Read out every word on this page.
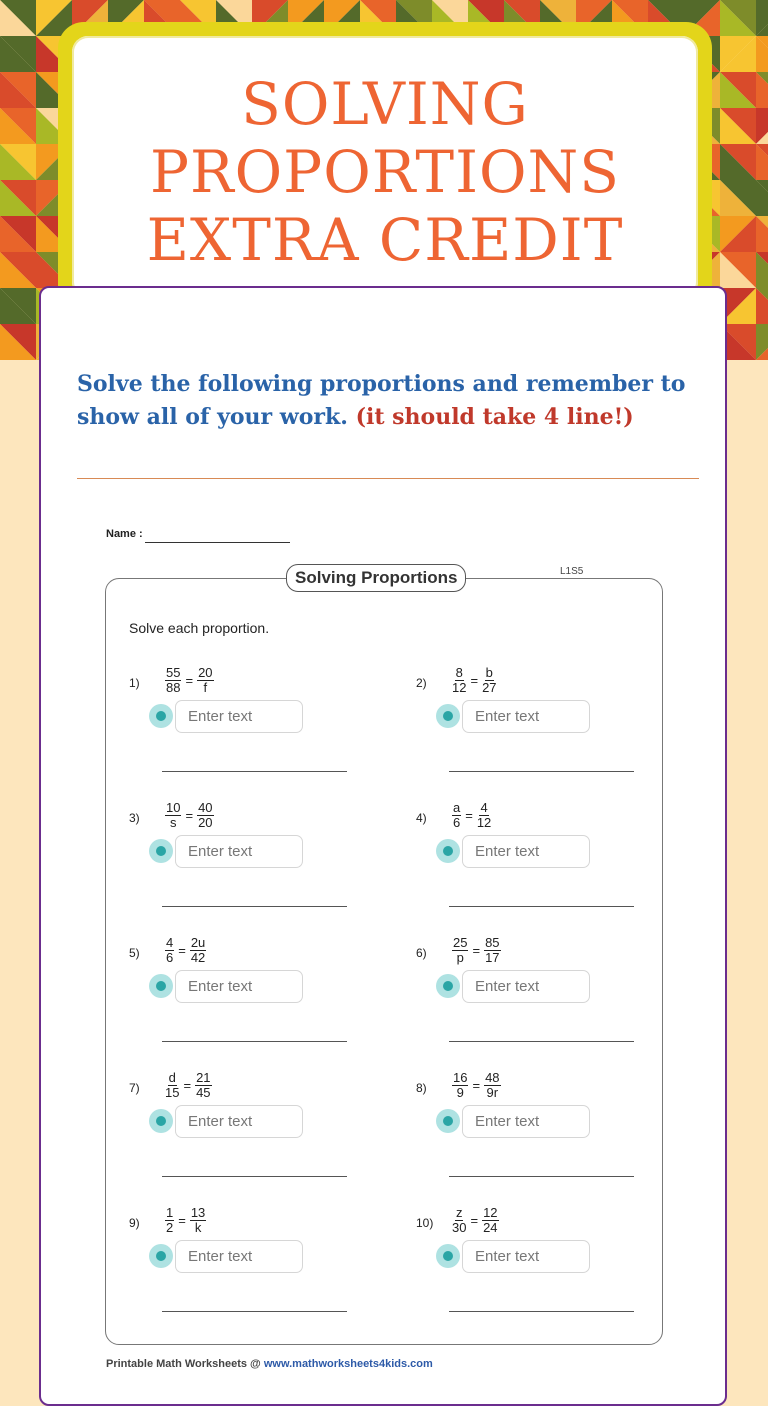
SOLVING
PROPORTIONS
EXTRA CREDIT

Solve the following proportions and remember to show all of your work. (it should take 4 line!)

Name :
Solving Proportions	L1S5
Solve each proportion.
$1) \frac{55}{88} = \frac{20}{f}$
Enter text	$2) \frac{8}{12} = \frac{b}{27}$
Enter text
$3) \frac{10}{s} = \frac{40}{20}$
Enter text	$4) \frac{a}{6} = \frac{4}{12}$
Enter text
$5) \frac{4}{6} = \frac{2u}{42}$
Enter text	$6) \frac{25}{p} = \frac{85}{17}$
Enter text
$7) \frac{d}{15} = \frac{21}{45}$
Enter text	$8) \frac{16}{9} = \frac{48}{9r}$
Enter text
$9) \frac{1}{2} = \frac{13}{k}$
Enter text	$10) \frac{z}{30} = \frac{12}{24}$
Enter text
Printable Math Worksheets @ www.mathworksheets4kids.com
